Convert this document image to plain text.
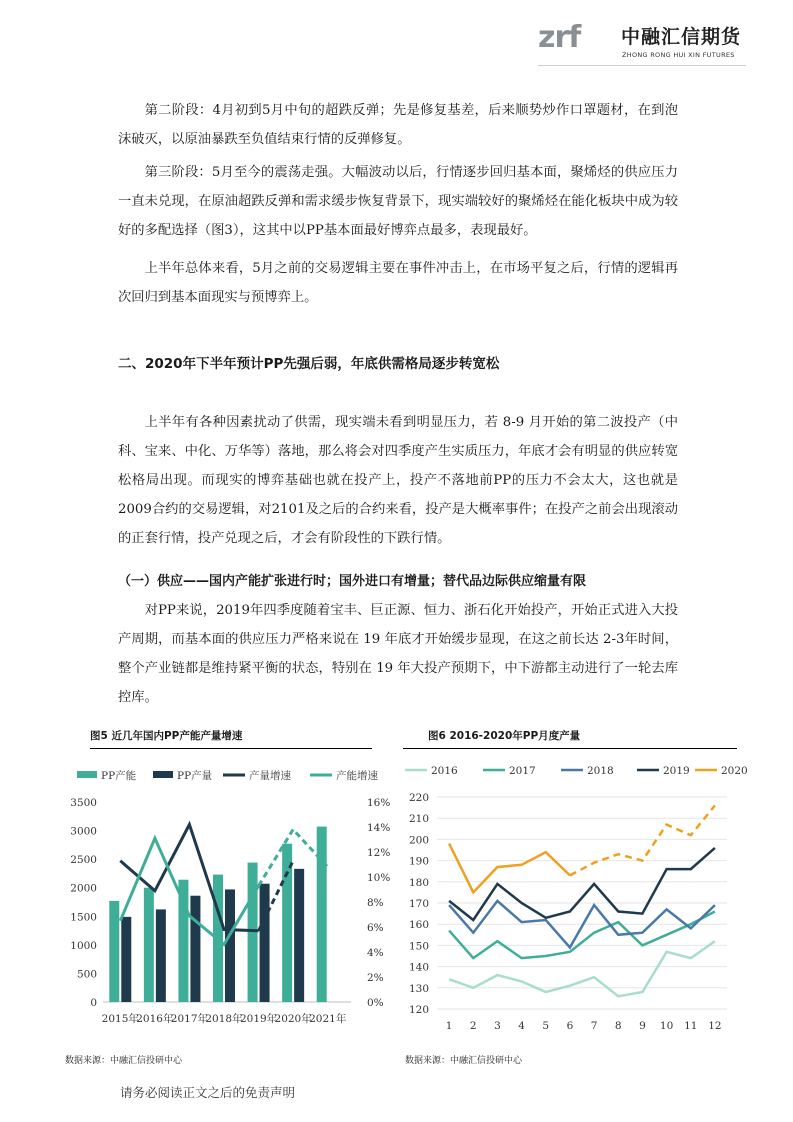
zrf 中融汇信期货
ZHONG RONG HUI XIN FUTURES

第二阶段：4月初到5月中旬的超跌反弹；先是修复基差，后来顺势炒作口罩题材，在到泡沫破灭，以原油暴跌至负值结束行情的反弹修复。

第三阶段：5月至今的震荡走强。大幅波动以后，行情逐步回归基本面，聚烯烃的供应压力一直未兑现，在原油超跌反弹和需求缓步恢复背景下，现实端较好的聚烯烃在能化板块中成为较好的多配选择（图3），这其中以PP基本面最好博弈点最多，表现最好。

上半年总体来看，5月之前的交易逻辑主要在事件冲击上，在市场平复之后，行情的逻辑再次回归到基本面现实与预博弈上。

二、2020年下半年预计PP先强后弱，年底供需格局逐步转宽松

上半年有各种因素扰动了供需，现实端未看到明显压力，若 8-9 月开始的第二波投产（中科、宝来、中化、万华等）落地，那么将会对四季度产生实质压力，年底才会有明显的供应转宽松格局出现。而现实的博弈基础也就在投产上，投产不落地前PP的压力不会太大，这也就是2009合约的交易逻辑，对2101及之后的合约来看，投产是大概率事件；在投产之前会出现滚动的正套行情，投产兑现之后，才会有阶段性的下跌行情。

（一）供应——国内产能扩张进行时；国外进口有增量；替代品边际供应缩量有限

对PP来说，2019年四季度随着宝丰、巨正源、恒力、浙石化开始投产，开始正式进入大投产周期，而基本面的供应压力严格来说在 19 年底才开始缓步显现，在这之前长达 2-3年时间，整个产业链都是维持紧平衡的状态，特别在 19 年大投产预期下，中下游都主动进行了一轮去库控库。

图5 近几年国内PP产能产量增速	图6 2016-2020年PP月度产量
0
500
1000
1500
2000
2500
3000
3500
0%
2%
4%
6%
8%
10%
12%
14%
16%
2015年
2016年
2017年
2018年
2019年
2020年
2021年
PP产能	PP产量	产量增速	产能增速
120
130
140
150
160
170
180
190
200
210
220
1 2 3 4 5 6 7 8 9 10 11 12
2016	2017	2018	2019	2020
数据来源：中融汇信投研中心	数据来源：中融汇信投研中心
请务必阅读正文之后的免责声明
